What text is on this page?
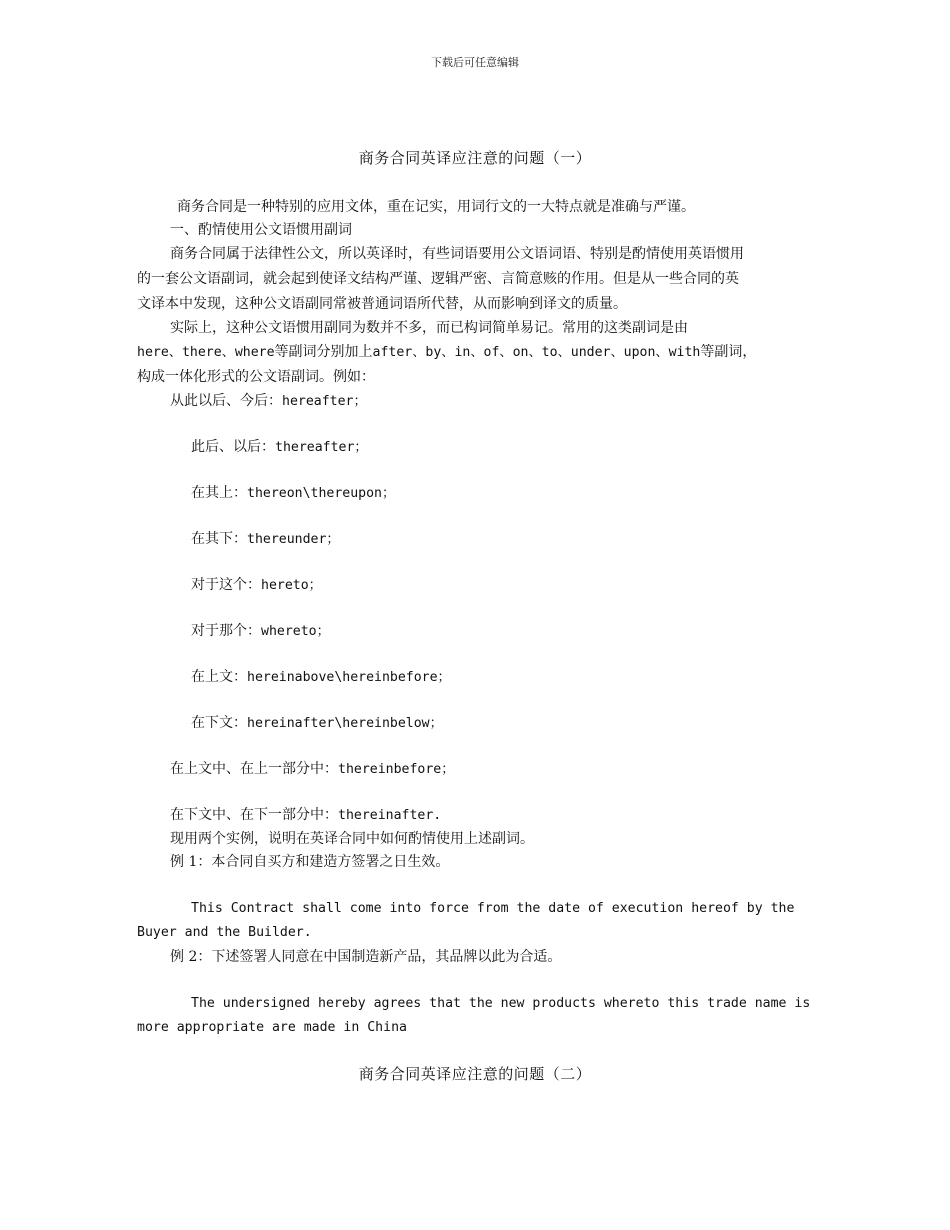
下载后可任意编辑
商务合同英译应注意的问题（一）
商务合同是一种特别的应用文体，重在记实，用词行文的一大特点就是准确与严谨。
一、酌情使用公文语惯用副词
商务合同属于法律性公文，所以英译时，有些词语要用公文语词语、特别是酌情使用英语惯用
的一套公文语副词，就会起到使译文结构严谨、逻辑严密、言简意赅的作用。但是从一些合同的英
文译本中发现，这种公文语副同常被普通词语所代替，从而影响到译文的质量。
实际上，这种公文语惯用副同为数并不多，而已构词简单易记。常用的这类副词是由
here、there、where等副词分别加上after、by、in、of、on、to、under、upon、with等副词，
构成一体化形式的公文语副词。例如：
从此以后、今后：hereafter；
此后、以后：thereafter；
在其上：thereon\thereupon；
在其下：thereunder；
对于这个：hereto；
对于那个：whereto；
在上文：hereinabove\hereinbefore；
在下文：hereinafter\hereinbelow；
在上文中、在上一部分中：thereinbefore；
在下文中、在下一部分中：thereinafter.
现用两个实例，说明在英译合同中如何酌情使用上述副词。
例 1：本合同自买方和建造方签署之日生效。
This Contract shall come into force from the date of execution hereof by the
Buyer and the Builder.
例 2：下述签署人同意在中国制造新产品，其品牌以此为合适。
The undersigned hereby agrees that the new products whereto this trade name is
more appropriate are made in China
商务合同英译应注意的问题（二）
